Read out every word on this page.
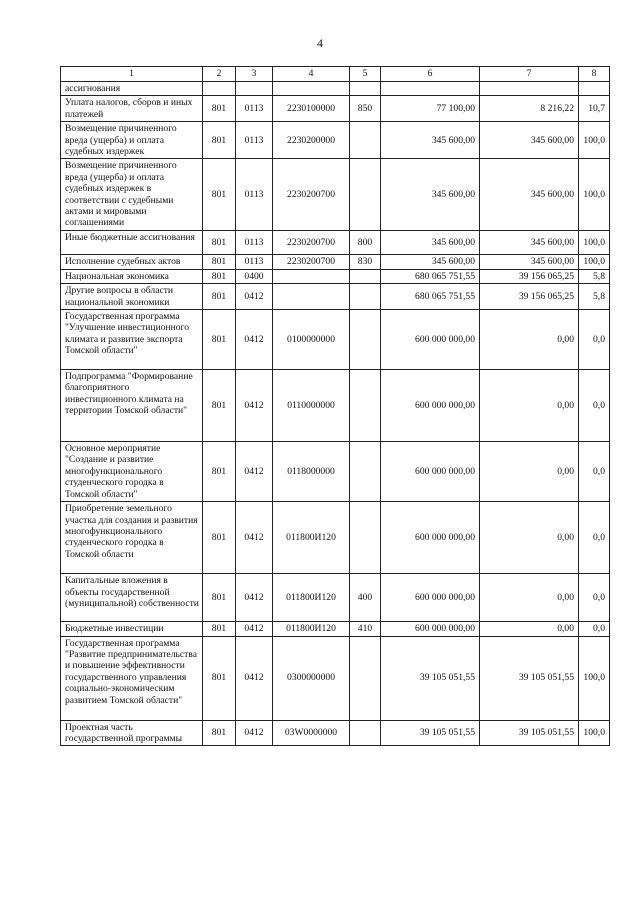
4
1	2	3	4	5	6	7	8
ассигнования							
Уплата налогов, сборов и иных платежей	801	0113	2230100000	850	77 100,00	8 216,22	10,7
Возмещение причиненного вреда (ущерба) и оплата судебных издержек	801	0113	2230200000		345 600,00	345 600,00	100,0
Возмещение причиненного вреда (ущерба) и оплата судебных издержек в соответствии с судебными актами и мировыми соглашениями	801	0113	2230200700		345 600,00	345 600,00	100,0
Иные бюджетные ассигнования	801	0113	2230200700	800	345 600,00	345 600,00	100,0
Исполнение судебных актов	801	0113	2230200700	830	345 600,00	345 600,00	100,0
Национальная экономика	801	0400			680 065 751,55	39 156 065,25	5,8
Другие вопросы в области национальной экономики	801	0412			680 065 751,55	39 156 065,25	5,8
Государственная программа "Улучшение инвестиционного климата и развитие экспорта Томской области"	801	0412	0100000000		600 000 000,00	0,00	0,0
Подпрограмма "Формирование благоприятного инвестиционного климата на территории Томской области"	801	0412	0110000000		600 000 000,00	0,00	0,0
Основное мероприятие "Создание и развитие многофункционального студенческого городка в Томской области"	801	0412	0118000000		600 000 000,00	0,00	0,0
Приобретение земельного участка для создания и развития многофункционального студенческого городка в Томской области	801	0412	011800И120		600 000 000,00	0,00	0,0
Капитальные вложения в объекты государственной (муниципальной) собственности	801	0412	011800И120	400	600 000 000,00	0,00	0,0
Бюджетные инвестиции	801	0412	011800И120	410	600 000 000,00	0,00	0,0
Государственная программа "Развитие предпринимательства и повышение эффективности государственного управления социально-экономическим развитием Томской области"	801	0412	0300000000		39 105 051,55	39 105 051,55	100,0
Проектная часть государственной программы	801	0412	03W0000000		39 105 051,55	39 105 051,55	100,0
